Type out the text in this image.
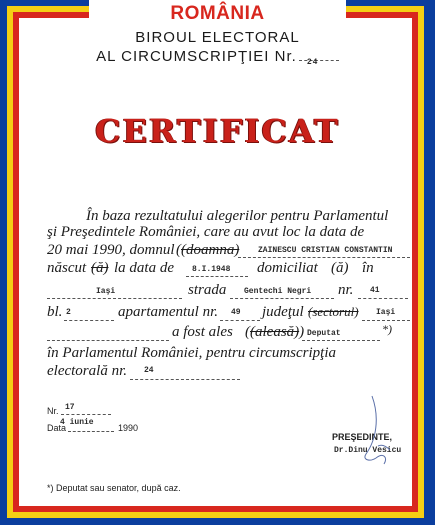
ROMÂNIA
BIROUL ELECTORAL
AL CIRCUMSCRIPŢIEI Nr. 24
CERTIFICAT
În baza rezultatului alegerilor pentru Parlamentul
şi Preşedintele României, care au avut loc la data de
20 mai 1990, domnul ((doamna) ZAINESCU CRISTIAN CONSTANTIN
născut (ă) la data de 8.I.1948 domiciliat (ă) în
Iaşi	strada Gentechi Negri nr. 41
bl. 2	apartamentul nr. 49 judeţul (sectorul) Iaşi
a fost ales ((aleasă)) Deputat	*)
în Parlamentul României, pentru circumscripţia
electorală nr. 24
Nr. 17
4 iunie
Data	1990
PREŞEDINTE,
Dr.Dinu Vesicu
*) Deputat sau senator, după caz.
